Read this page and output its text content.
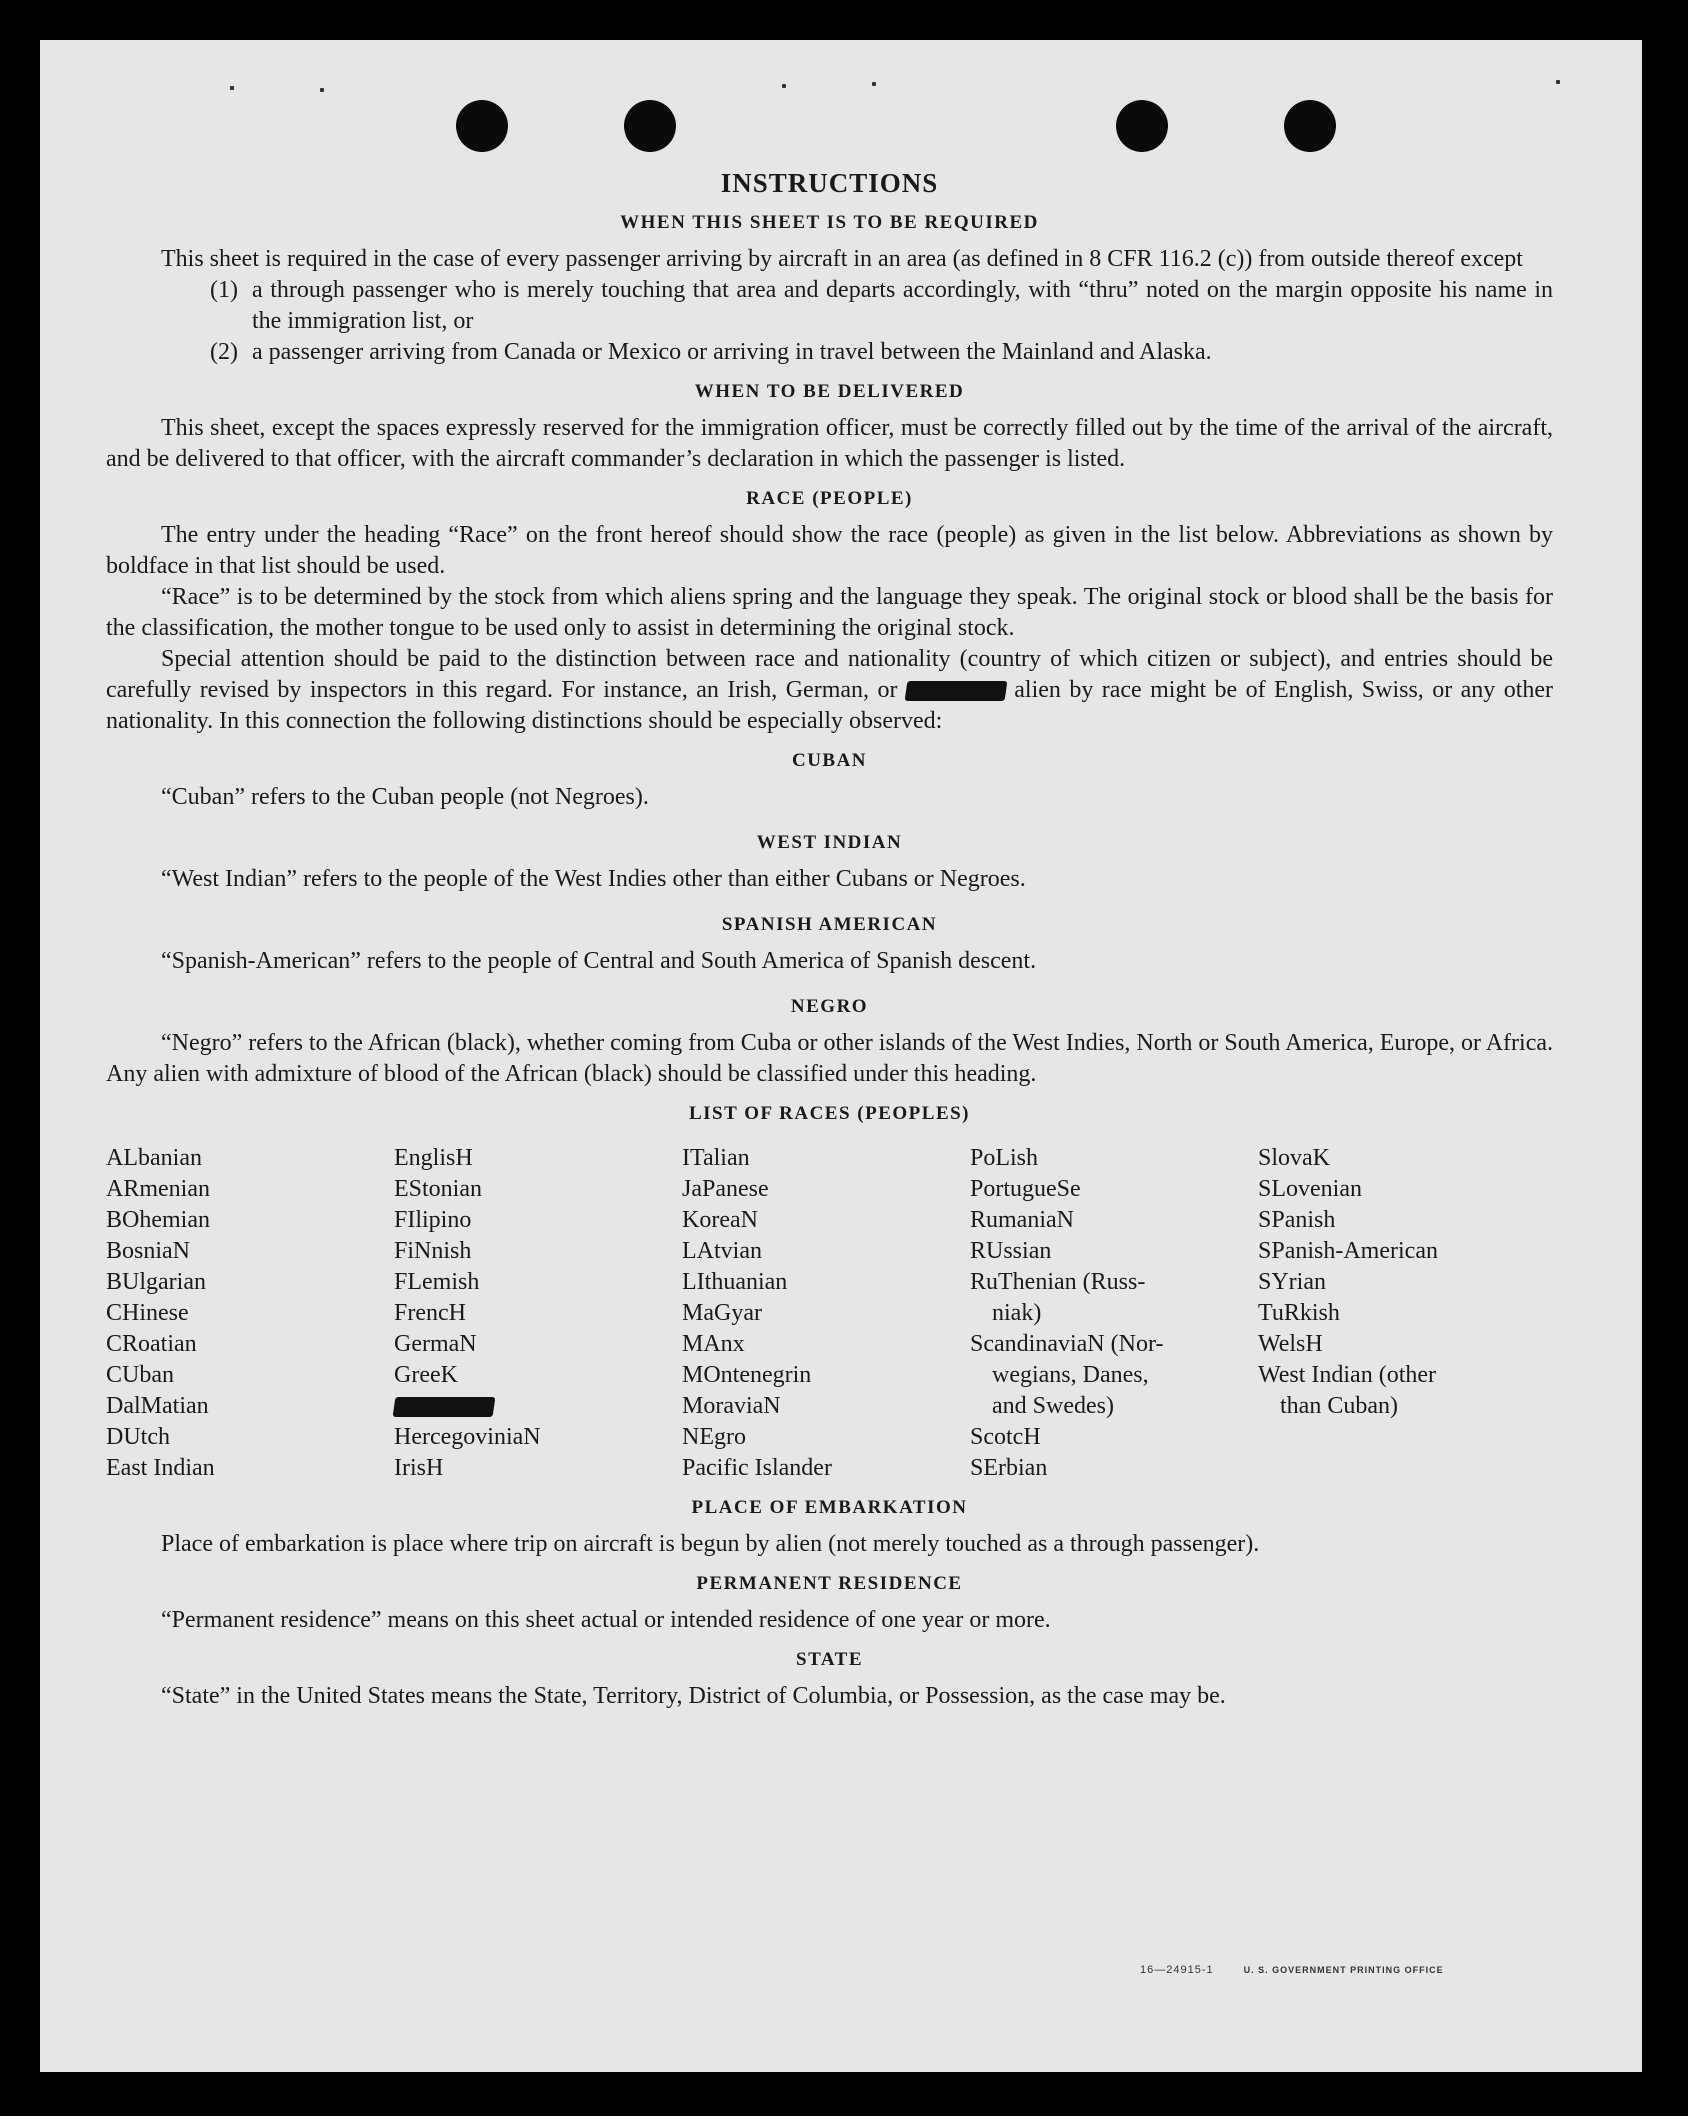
INSTRUCTIONS
WHEN THIS SHEET IS TO BE REQUIRED

This sheet is required in the case of every passenger arriving by aircraft in an area (as defined in 8 CFR 116.2 (c)) from outside thereof except

(1) a through passenger who is merely touching that area and departs accordingly, with “thru” noted on the margin opposite his name in the immigration list, or
(2) a passenger arriving from Canada or Mexico or arriving in travel between the Mainland and Alaska.
WHEN TO BE DELIVERED

This sheet, except the spaces expressly reserved for the immigration officer, must be correctly filled out by the time of the arrival of the aircraft, and be delivered to that officer, with the aircraft commander’s declaration in which the passenger is listed.

RACE (PEOPLE)

The entry under the heading “Race” on the front hereof should show the race (people) as given in the list below. Abbreviations as shown by boldface in that list should be used.

“Race” is to be determined by the stock from which aliens spring and the language they speak. The original stock or blood shall be the basis for the classification, the mother tongue to be used only to assist in determining the original stock.

Special attention should be paid to the distinction between race and nationality (country of which citizen or subject), and entries should be carefully revised by inspectors in this regard. For instance, an Irish, German, or	alien by race might be of English, Swiss, or any other nationality. In this connection the following distinctions should be especially observed:

CUBAN

“Cuban” refers to the Cuban people (not Negroes).

WEST INDIAN

“West Indian” refers to the people of the West Indies other than either Cubans or Negroes.

SPANISH AMERICAN

“Spanish-American” refers to the people of Central and South America of Spanish descent.

NEGRO

“Negro” refers to the African (black), whether coming from Cuba or other islands of the West Indies, North or South America, Europe, or Africa. Any alien with admixture of blood of the African (black) should be classified under this heading.

LIST OF RACES (PEOPLES)
ALbanian
ARmenian
BOhemian
BosniaN
BUlgarian
CHinese
CRoatian
CUban
DalMatian
DUtch
East Indian
EnglisH
EStonian
FIlipino
FiNnish
FLemish
FrencH
GermaN
GreeK
HercegoviniaN
IrisH
ITalian
JaPanese
KoreaN
LAtvian
LIthuanian
MaGyar
MAnx
MOntenegrin
MoraviaN
NEgro
Pacific Islander
PoLish
PortugueSe
RumaniaN
RUssian
RuThenian (Russ-
niak)
ScandinaviaN (Nor-
wegians, Danes,
and Swedes)
ScotcH
SErbian
SlovaK
SLovenian
SPanish
SPanish-American
SYrian
TuRkish
WelsH
West Indian (other
than Cuban)
PLACE OF EMBARKATION

Place of embarkation is place where trip on aircraft is begun by alien (not merely touched as a through passenger).

PERMANENT RESIDENCE

“Permanent residence” means on this sheet actual or intended residence of one year or more.

STATE

“State” in the United States means the State, Territory, District of Columbia, or Possession, as the case may be.

16—24915-1	U. S. GOVERNMENT PRINTING OFFICE
